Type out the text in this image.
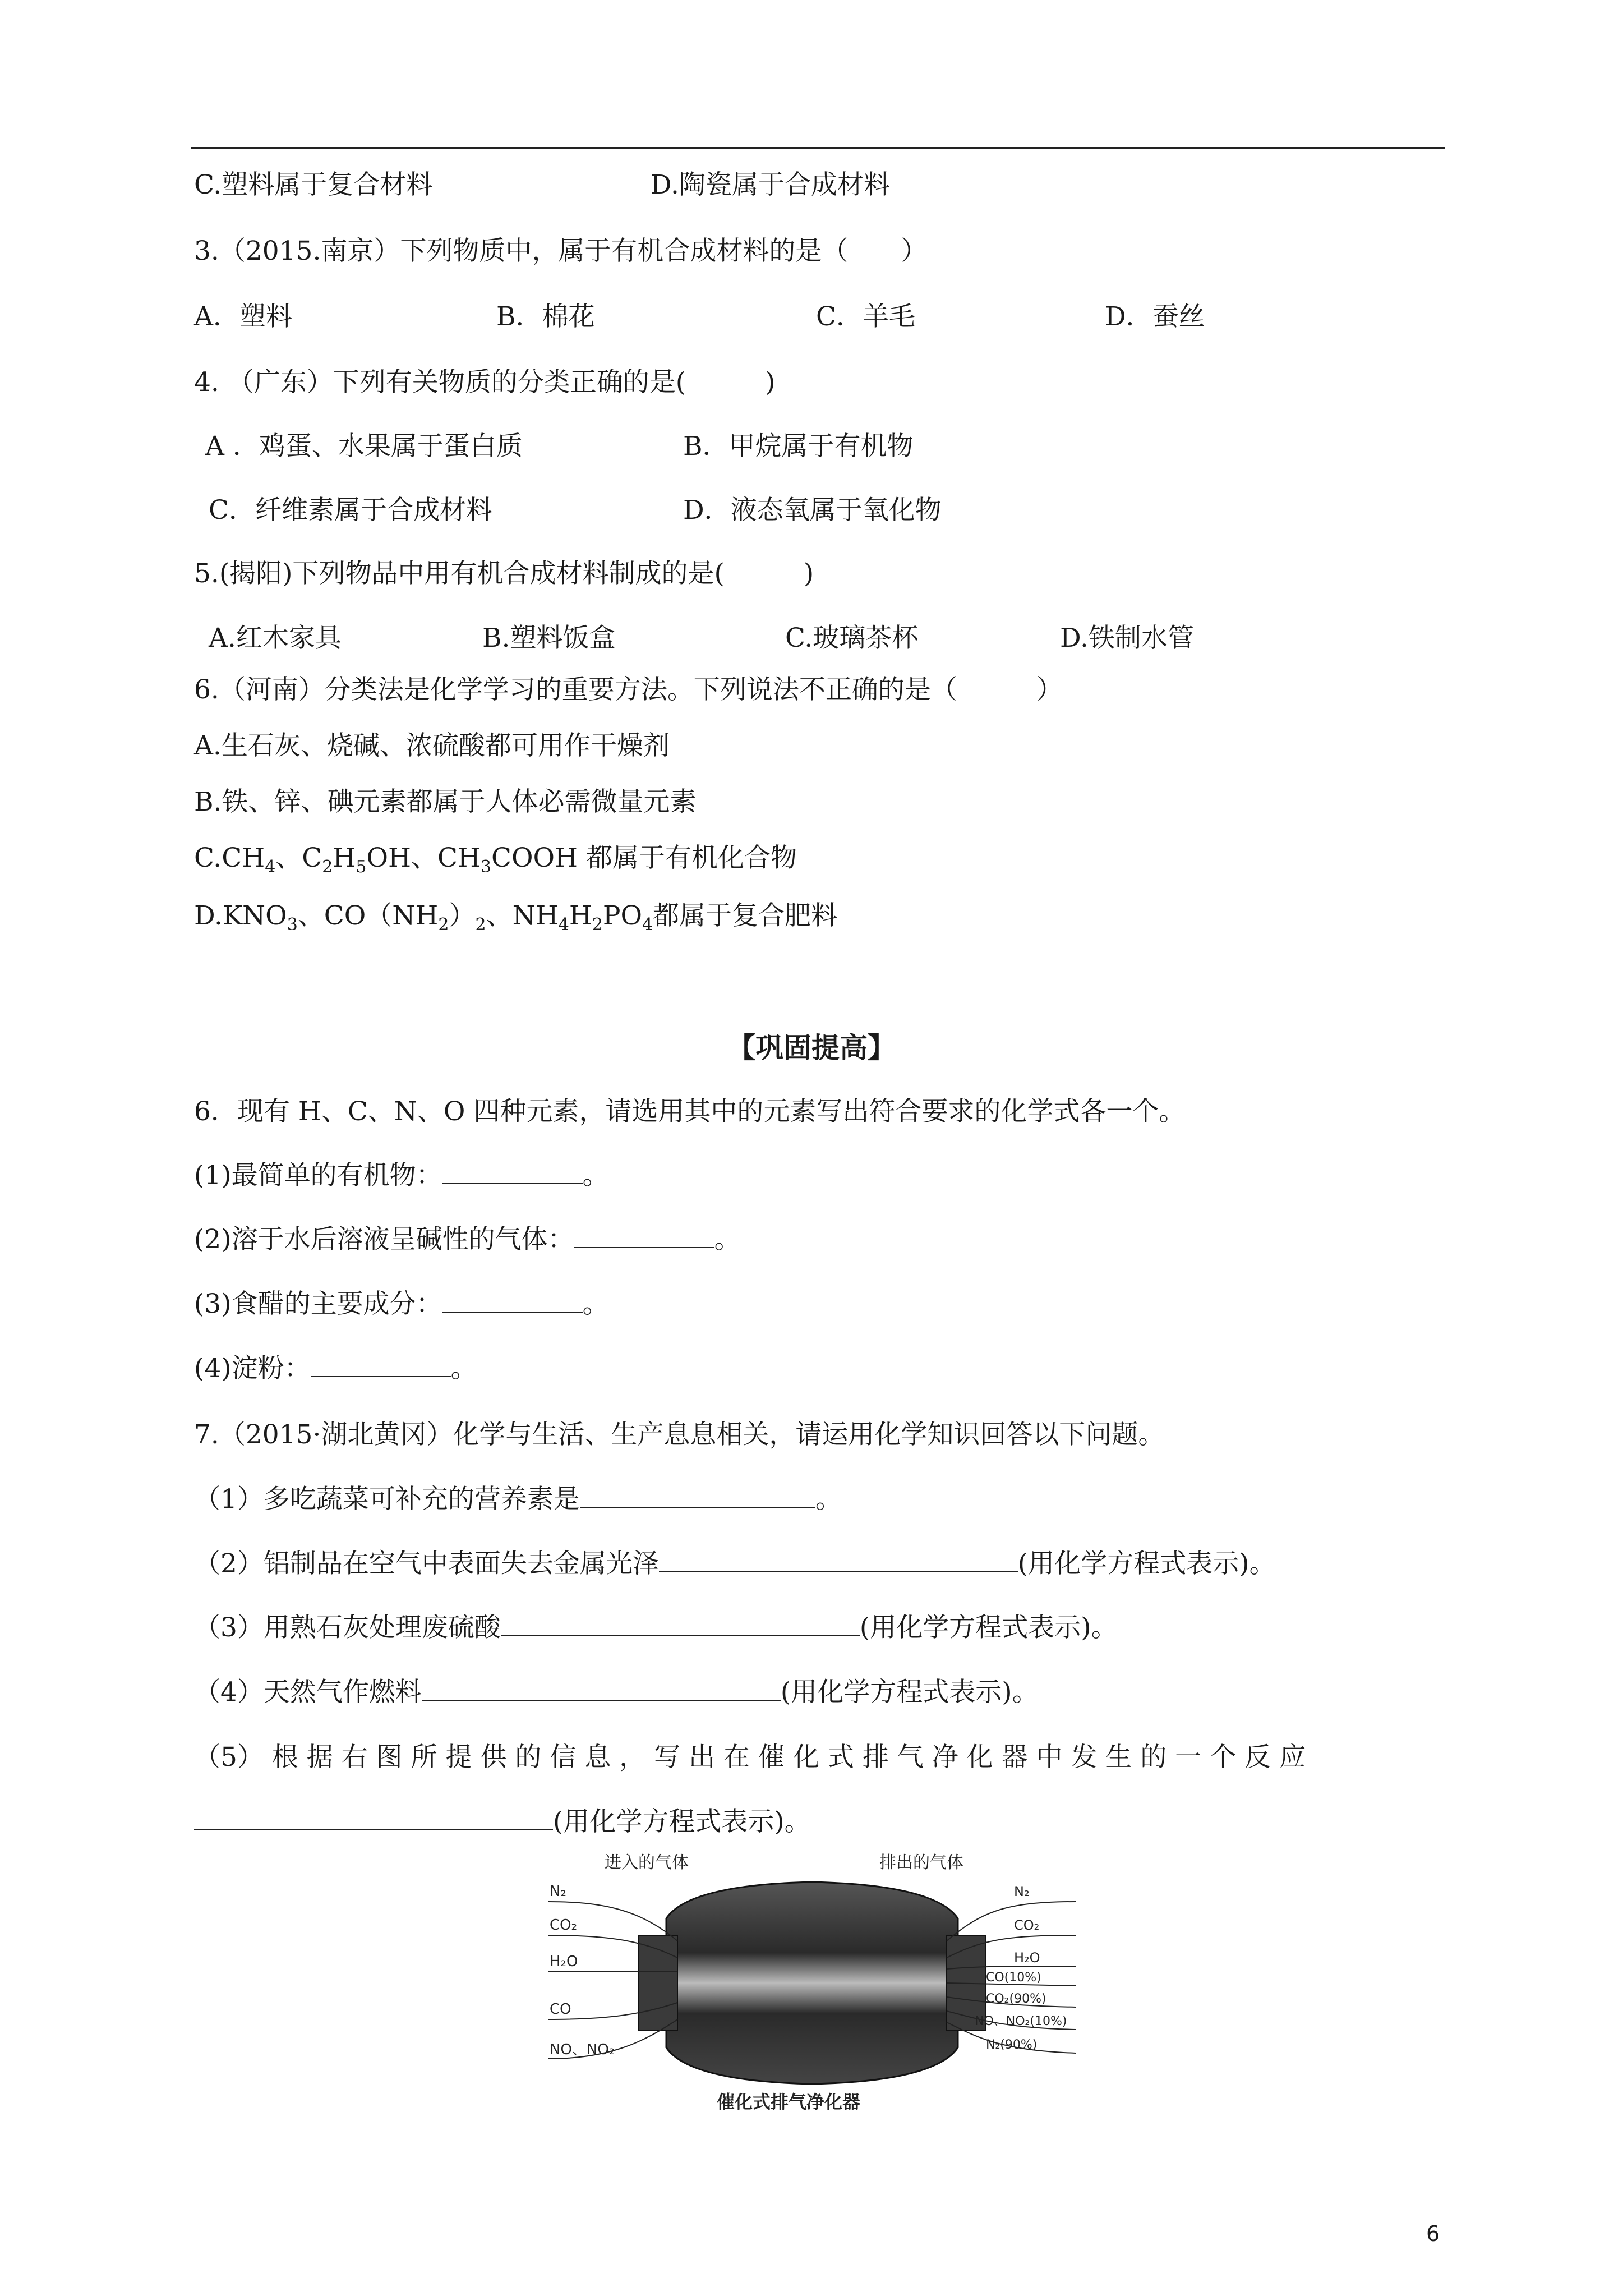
C.塑料属于复合材料	D.陶瓷属于合成材料
3.（2015.南京）下列物质中，属于有机合成材料的是（　　）
A．塑料	B．棉花	C．羊毛	D．蚕丝
4. （广东）下列有关物质的分类正确的是(　　　)
A ．鸡蛋、水果属于蛋白质	B．甲烷属于有机物
C．纤维素属于合成材料	D．液态氧属于氧化物
5.(揭阳)下列物品中用有机合成材料制成的是(　　　)
A.红木家具	B.塑料饭盒	C.玻璃茶杯	D.铁制水管
6.（河南）分类法是化学学习的重要方法。下列说法不正确的是（　　　）
A.生石灰、烧碱、浓硫酸都可用作干燥剂
B.铁、锌、碘元素都属于人体必需微量元素
$C.CH_4$、$C_2H_5OH$、$CH_3COOH$ 都属于有机化合物
$D.KNO_3$、$CO(NH_2)_2$、$NH_4H_2PO_4$都属于复合肥料
【巩固提高】
6．现有 H、C、N、O 四种元素，请选用其中的元素写出符合要求的化学式各一个。
(1)最简单的有机物：	。
(2)溶于水后溶液呈碱性的气体：	。
(3)食醋的主要成分：	。
(4)淀粉：	。
7.（2015·湖北黄冈）化学与生活、生产息息相关，请运用化学知识回答以下问题。
（1）多吃蔬菜可补充的营养素是	。
（2）铝制品在空气中表面失去金属光泽	(用化学方程式表示)。
（3）用熟石灰处理废硫酸	(用化学方程式表示)。
（4）天然气作燃料	(用化学方程式表示)。
（5） 根 据 右 图 所 提 供 的 信 息 ， 写 出 在 催 化 式 排 气 净 化 器 中 发 生 的 一 个 反 应
(用化学方程式表示)。
进入的气体	排出的气体
N₂
CO₂
H₂O
CO
NO、NO₂
N₂
CO₂
H₂O
CO(10%)
CO₂(90%)
NO、NO₂(10%)
N₂(90%)
催化式排气净化器
6
